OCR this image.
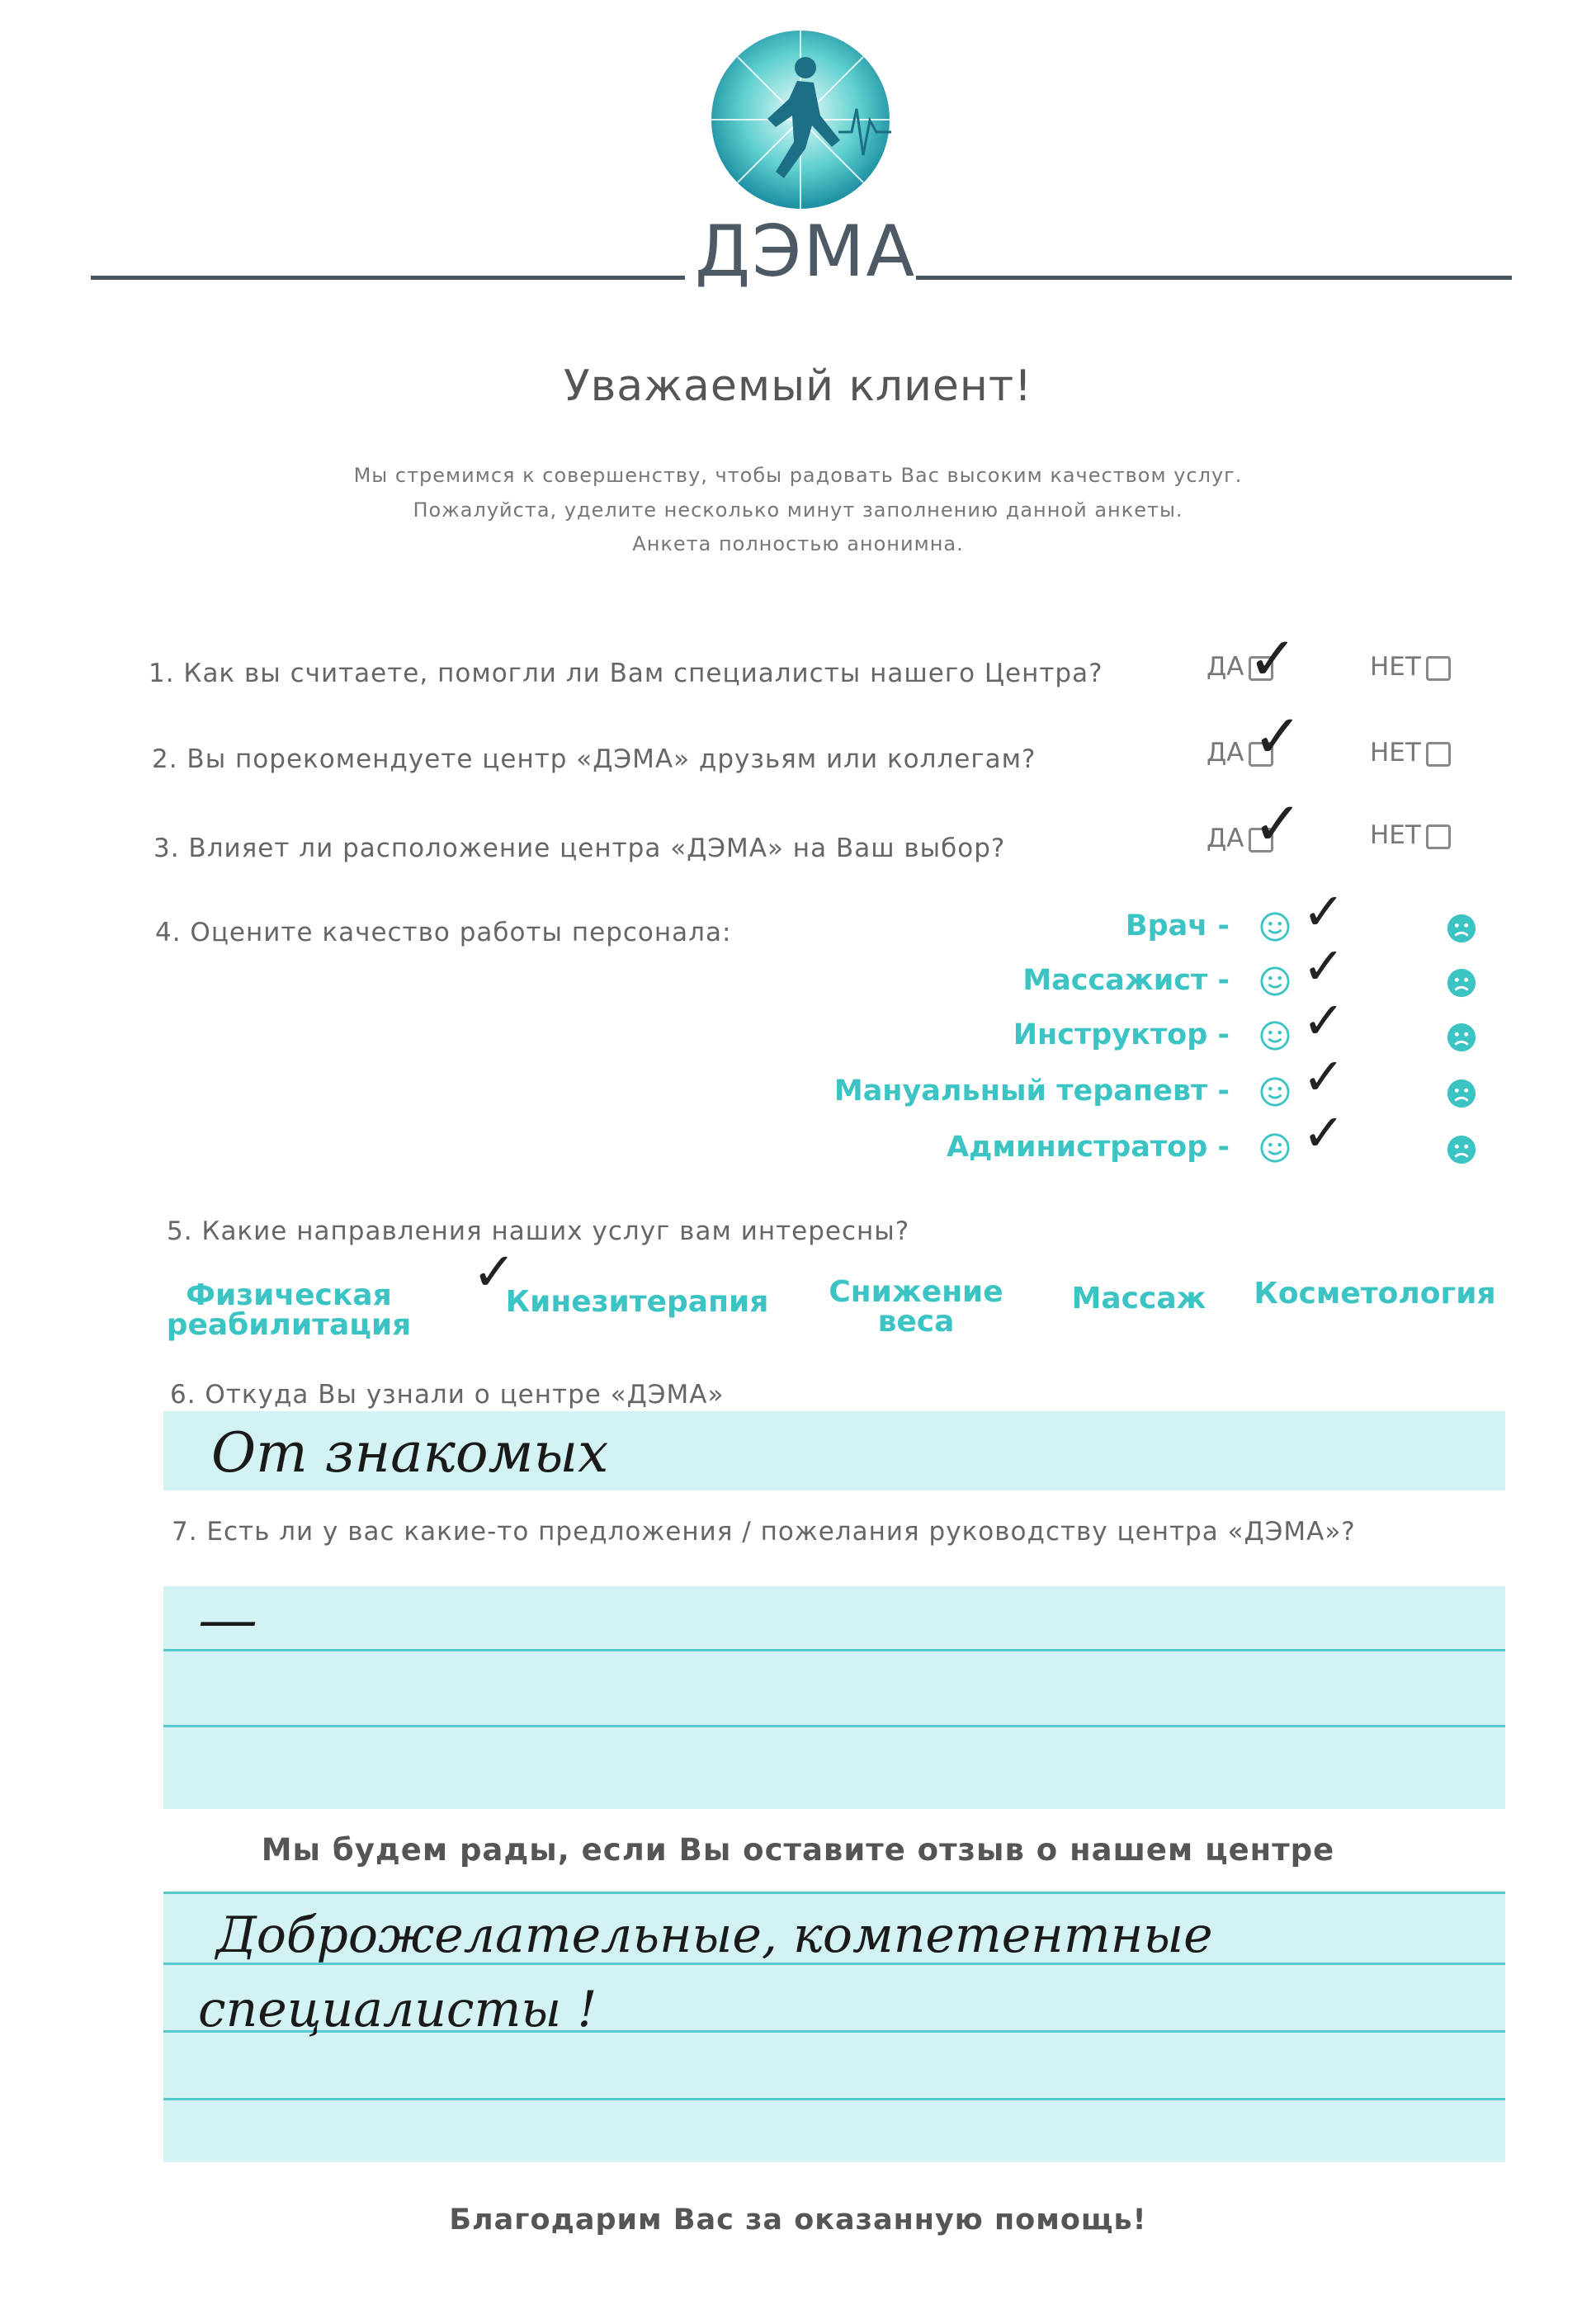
ДЭМА
Уважаемый клиент!
Мы стремимся к совершенству, чтобы радовать Вас высоким качеством услуг.
Пожалуйста, уделите несколько минут заполнению данной анкеты.
Анкета полностью анонимна.
1. Как вы считаете, помогли ли Вам специалисты нашего Центра?	ДА ✓	НЕТ
2. Вы порекомендуете центр «ДЭМА» друзьям или коллегам?	ДА ✓	НЕТ
3. Влияет ли расположение центра «ДЭМА» на Ваш выбор?	ДА ✓	НЕТ
4. Оцените качество работы персонала:	Врач - ✓
Массажист - ✓
Инструктор - ✓
Мануальный терапевт - ✓
Администратор - ✓
5. Какие направления наших услуг вам интересны?
Физическая реабилитация
✓
Кинезитерапия Снижение веса
Массаж Косметология
6. Откуда Вы узнали о центре «ДЭМА»
От знакомых
7. Есть ли у вас какие-то предложения / пожелания руководству центра «ДЭМА»?
—
Мы будем рады, если Вы оставите отзыв о нашем центре
Доброжелательные, компетентные
специалисты !
Благодарим Вас за оказанную помощь!
